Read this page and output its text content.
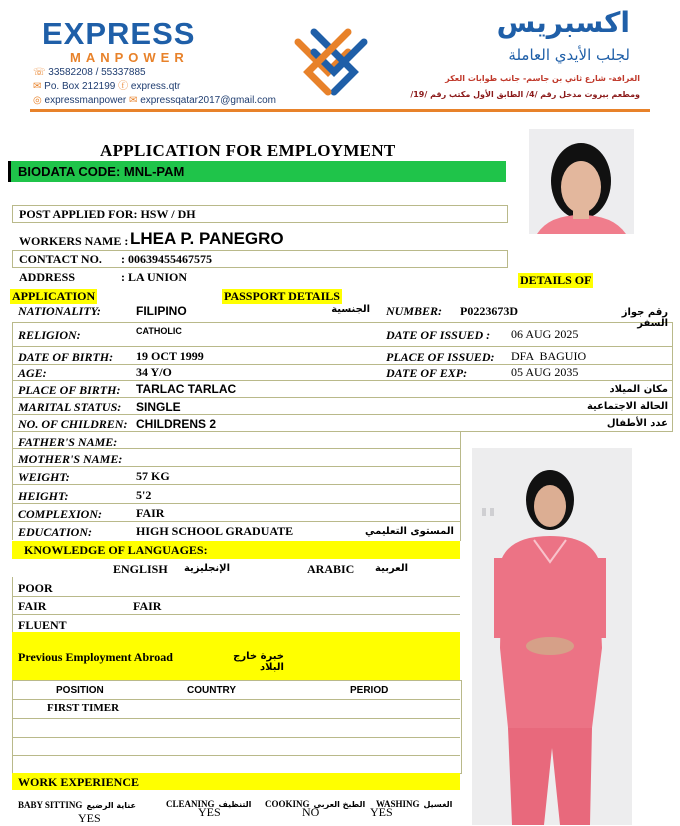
EXPRESS
MANPOWER
☏ 33582208 / 55337885
✉ Po. Box 212199 ⓕ express.qtr
◎ expressmanpower ✉ expressqatar2017@gmail.com
اكسبريس
لجلب الأيدي العاملة
الغرافة- شارع ثاني بن جاسم- جانب طوابات العكر
ومطعم بيروت مدخل رقم /4/ الطابق الأول مكتب رقم /19/
APPLICATION FOR EMPLOYMENT
BIODATA CODE: MNL-PAM
POST APPLIED FOR: HSW / DH
WORKERS NAME : LHEA P. PANEGRO
CONTACT NO. : 00639455467575
ADDRESS	: LA UNION	DETAILS OF
APPLICATION	PASSPORT DETAILS
NATIONALITY:	FILIPINO	الجنسية NUMBER: P0223673D	رقم جواز السفر
RELIGION:	CATHOLIC	DATE OF ISSUED : 06 AUG 2025
DATE OF BIRTH: 19 OCT 1999	PLACE OF ISSUED: DFA  BAGUIO
AGE:	34 Y/O	DATE OF EXP:	05 AUG 2035
PLACE OF BIRTH: TARLAC TARLAC	مكان الميلاد
MARITAL STATUS: SINGLE	الحالة الاجتماعية
NO. OF CHILDREN: CHILDRENS 2	عدد الأطفال
FATHER'S NAME:
MOTHER'S NAME:
WEIGHT:	57 KG
HEIGHT:	5'2
COMPLEXION:	FAIR
EDUCATION:	HIGH SCHOOL GRADUATE	المستوى التعليمي
KNOWLEDGE OF LANGUAGES:
ENGLISH	الإنجليزية	ARABIC	العربية
POOR
FAIR	FAIR
FLUENT
Previous Employment Abroad	خبرة خارج البلاد
POSITION	COUNTRY	PERIOD
FIRST TIMER
WORK EXPERIENCE
BABY SITTING عناية الرضيع
YES
CLEANING التنظيف
YES
COOKING الطبخ العربي
NO
WASHING الغسيل
YES
